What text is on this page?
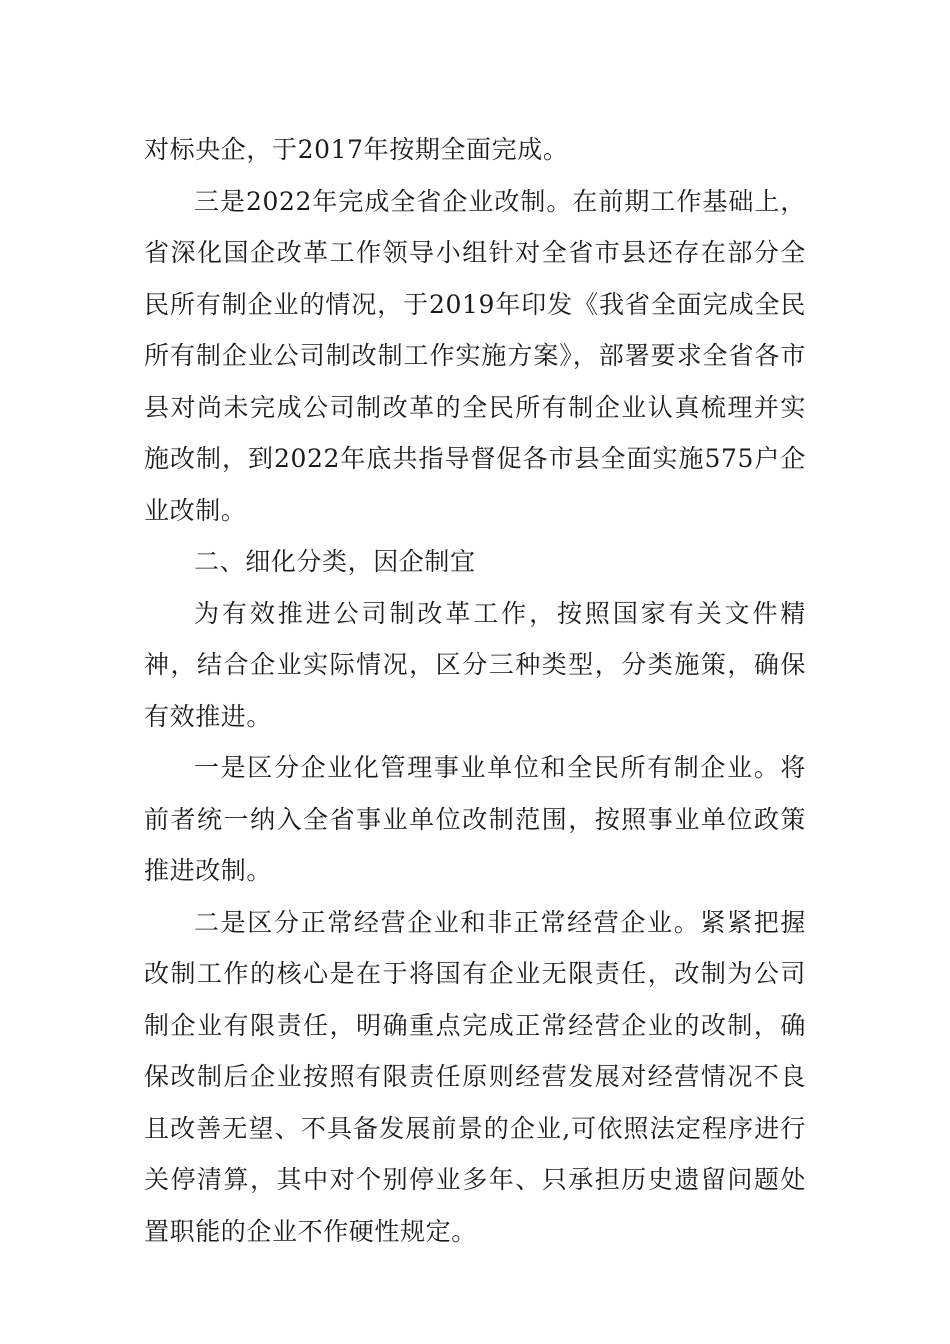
对标央企，于2017年按期全面完成。

三是2022年完成全省企业改制。在前期工作基础上，省深化国企改革工作领导小组针对全省市县还存在部分全民所有制企业的情况，于2019年印发《我省全面完成全民所有制企业公司制改制工作实施方案》，部署要求全省各市县对尚未完成公司制改革的全民所有制企业认真梳理并实施改制，到2022年底共指导督促各市县全面实施575户企业改制。

二、细化分类，因企制宜

为有效推进公司制改革工作，按照国家有关文件精神，结合企业实际情况，区分三种类型，分类施策，确保有效推进。

一是区分企业化管理事业单位和全民所有制企业。将前者统一纳入全省事业单位改制范围，按照事业单位政策推进改制。

二是区分正常经营企业和非正常经营企业。紧紧把握改制工作的核心是在于将国有企业无限责任，改制为公司制企业有限责任，明确重点完成正常经营企业的改制，确保改制后企业按照有限责任原则经营发展对经营情况不良且改善无望、不具备发展前景的企业,可依照法定程序进行关停清算，其中对个别停业多年、只承担历史遗留问题处置职能的企业不作硬性规定。
